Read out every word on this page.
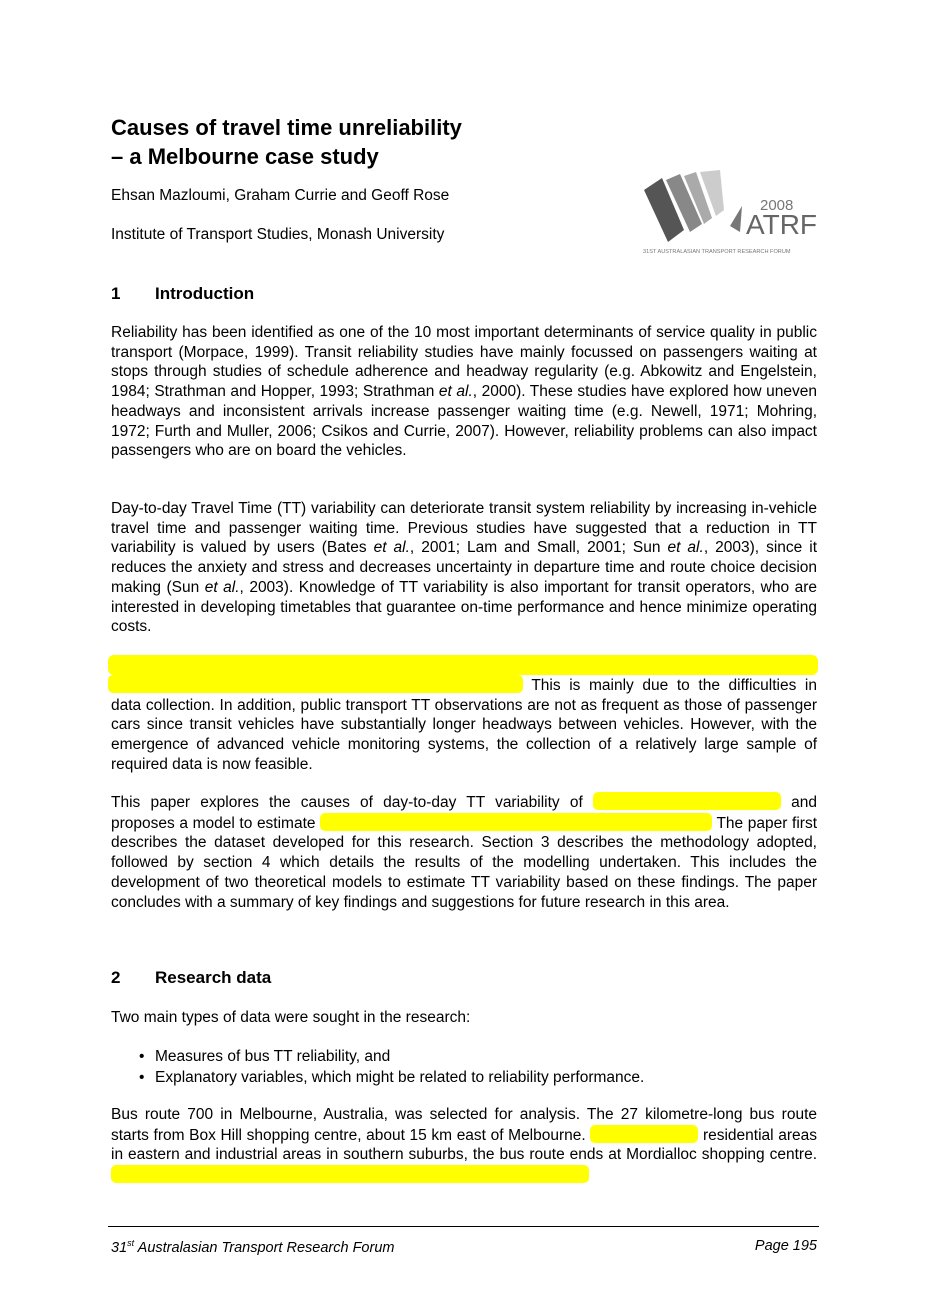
Causes of travel time unreliability
– a Melbourne case study
Ehsan Mazloumi, Graham Currie and Geoff Rose
Institute of Transport Studies, Monash University
2008
ATRF
31ST AUSTRALASIAN TRANSPORT RESEARCH FORUM
1 Introduction
Reliability has been identified as one of the 10 most important determinants of service quality in public transport (Morpace, 1999). Transit reliability studies have mainly focussed on passengers waiting at stops through studies of schedule adherence and headway regularity (e.g. Abkowitz and Engelstein, 1984; Strathman and Hopper, 1993; Strathman et al., 2000). These studies have explored how uneven headways and inconsistent arrivals increase passenger waiting time (e.g. Newell, 1971; Mohring, 1972; Furth and Muller, 2006; Csikos and Currie, 2007). However, reliability problems can also impact passengers who are on board the vehicles.
Day-to-day Travel Time (TT) variability can deteriorate transit system reliability by increasing in-vehicle travel time and passenger waiting time. Previous studies have suggested that a reduction in TT variability is valued by users (Bates et al., 2001; Lam and Small, 2001; Sun et al., 2003), since it reduces the anxiety and stress and decreases uncertainty in departure time and route choice decision making (Sun et al., 2003). Knowledge of TT variability is also important for transit operators, who are interested in developing timetables that guarantee on-time performance and hence minimize operating costs.
This is mainly due to the difficulties in data collection. In addition, public transport TT observations are not as frequent as those of passenger cars since transit vehicles have substantially longer headways between vehicles. However, with the emergence of advanced vehicle monitoring systems, the collection of a relatively large sample of required data is now feasible.
This paper explores the causes of day-to-day TT variability of	and proposes a model to estimate	The paper first describes the dataset developed for this research. Section 3 describes the methodology adopted, followed by section 4 which details the results of the modelling undertaken. This includes the development of two theoretical models to estimate TT variability based on these findings. The paper concludes with a summary of key findings and suggestions for future research in this area.
2 Research data
Two main types of data were sought in the research:
• Measures of bus TT reliability, and
• Explanatory variables, which might be related to reliability performance.
Bus route 700 in Melbourne, Australia, was selected for analysis. The 27 kilometre-long bus route starts from Box Hill shopping centre, about 15 km east of Melbourne.	residential areas in eastern and industrial areas in southern suburbs, the bus route ends at Mordialloc shopping centre.
31st Australasian Transport Research Forum	Page 195
